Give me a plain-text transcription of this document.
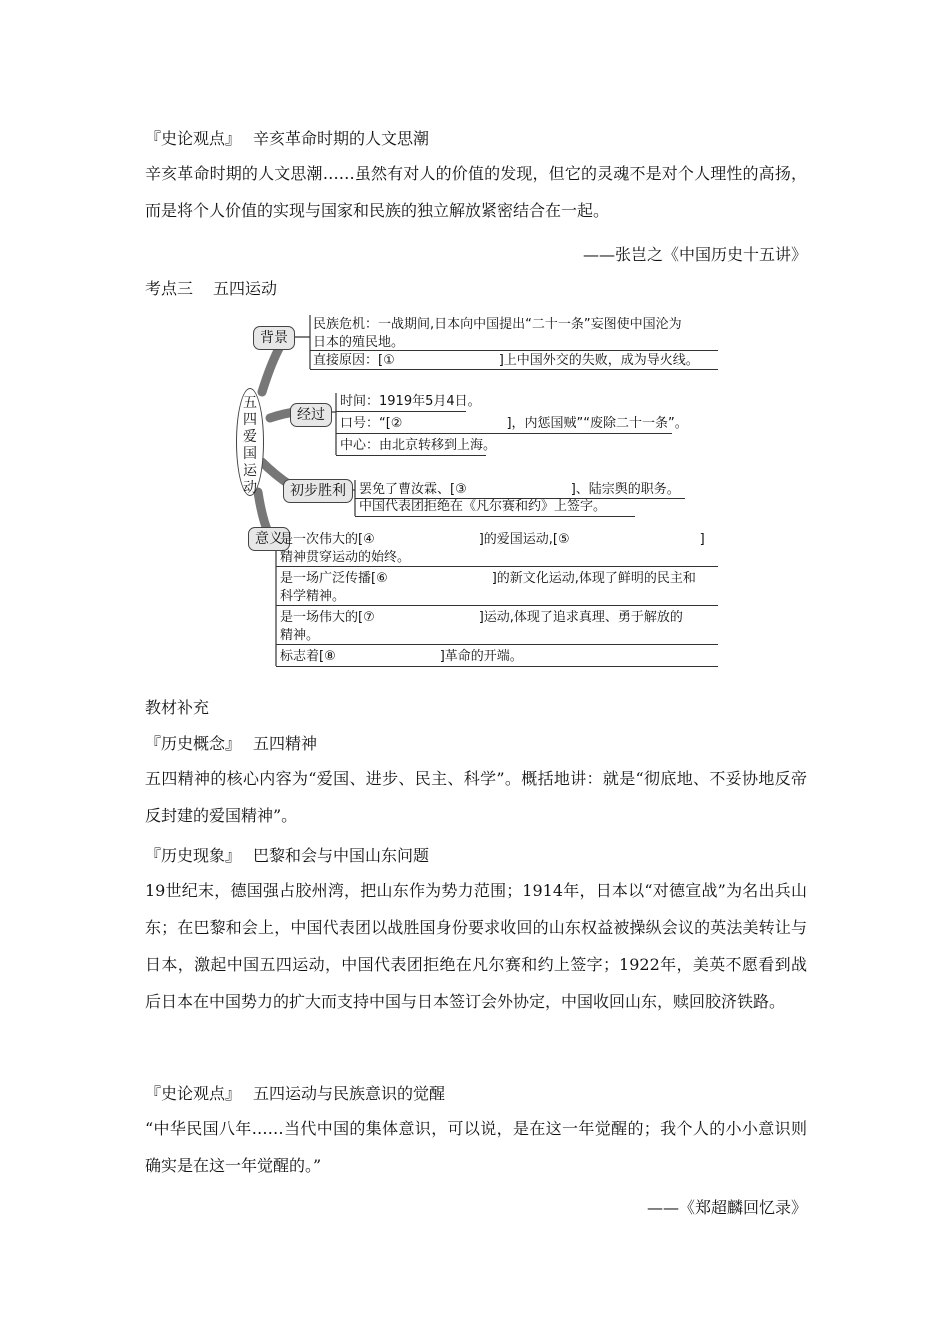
『史论观点』 辛亥革命时期的人文思潮
辛亥革命时期的人文思潮……虽然有对人的价值的发现，但它的灵魂不是对个人理性的高扬，而是将个人价值的实现与国家和民族的独立解放紧密结合在一起。
——张岂之《中国历史十五讲》
考点三 五四运动
五四爱国运动
背景
民族危机：一战期间,日本向中国提出“二十一条”妄图使中国沦为
日本的殖民地。
直接原因：[①　　　　　　　　]上中国外交的失败，成为导火线。
经过
时间：1919年5月4日。
口号：“[②　　　　　　　　]，内惩国贼”“废除二十一条”。
中心：由北京转移到上海。
初步胜利	罢免了曹汝霖、[③　　　　　　　　]、陆宗舆的职务。
中国代表团拒绝在《凡尔赛和约》上签字。
意义
是一次伟大的[④　　　　　　　　]的爱国运动,[⑤　　　　　　　　　　]
精神贯穿运动的始终。
是一场广泛传播[⑥　　　　　　　　]的新文化运动,体现了鲜明的民主和
科学精神。
是一场伟大的[⑦　　　　　　　　]运动,体现了追求真理、勇于解放的
精神。
标志着[⑧　　　　　　　　]革命的开端。
教材补充
『历史概念』 五四精神
五四精神的核心内容为“爱国、进步、民主、科学”。概括地讲：就是“彻底地、不妥协地反帝反封建的爱国精神”。
『历史现象』 巴黎和会与中国山东问题
19世纪末，德国强占胶州湾，把山东作为势力范围；1914年，日本以“对德宣战”为名出兵山东；在巴黎和会上，中国代表团以战胜国身份要求收回的山东权益被操纵会议的英法美转让与日本，激起中国五四运动，中国代表团拒绝在凡尔赛和约上签字；1922年，美英不愿看到战后日本在中国势力的扩大而支持中国与日本签订会外协定，中国收回山东，赎回胶济铁路。
『史论观点』 五四运动与民族意识的觉醒
“中华民国八年……当代中国的集体意识，可以说，是在这一年觉醒的；我个人的小小意识则确实是在这一年觉醒的。”
——《郑超麟回忆录》
